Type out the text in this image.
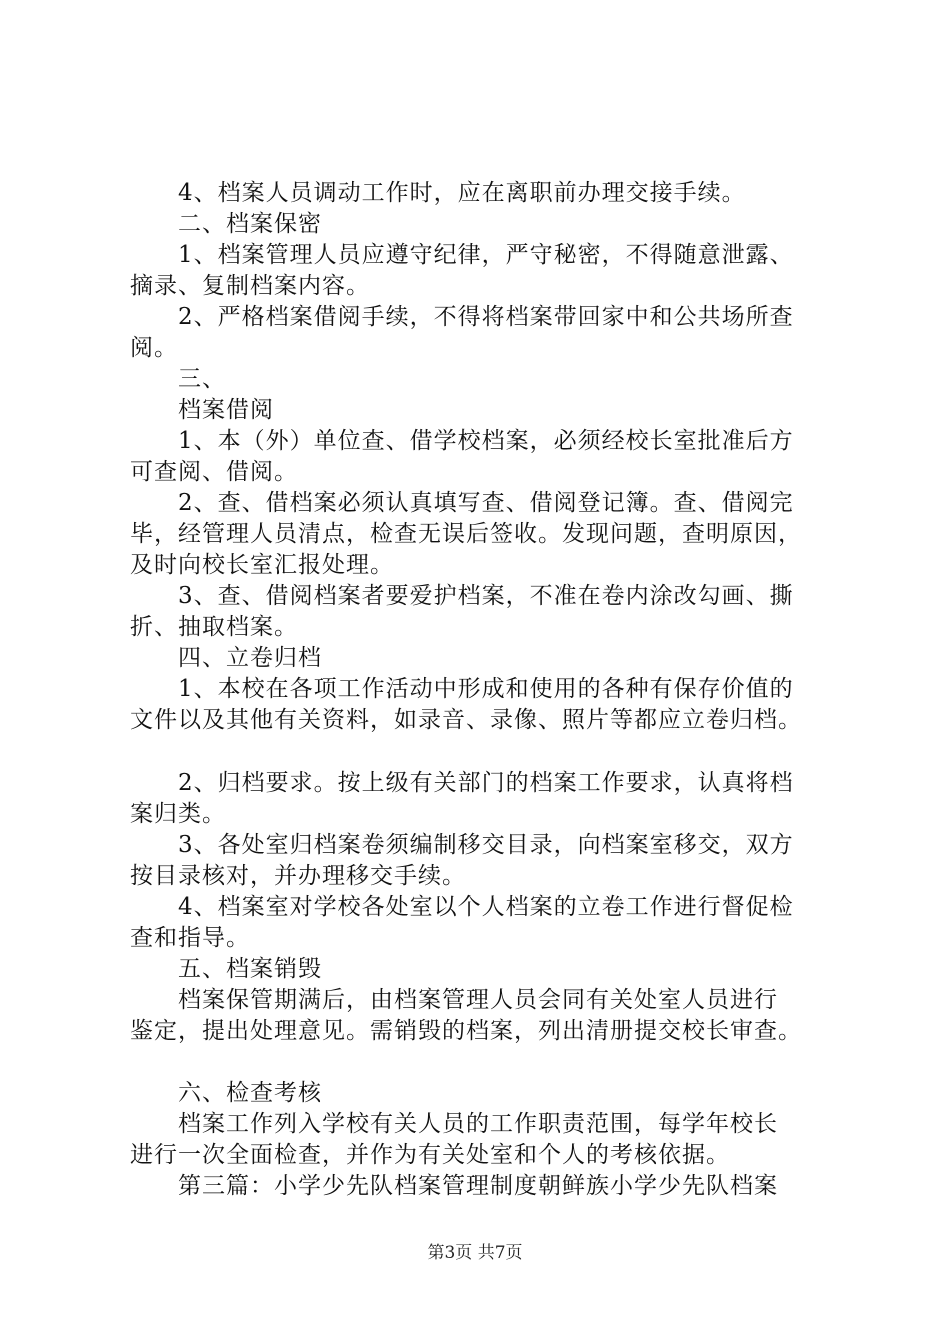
4、档案人员调动工作时，应在离职前办理交接手续。
二、档案保密
1、档案管理人员应遵守纪律，严守秘密，不得随意泄露、
摘录、复制档案内容。
2、严格档案借阅手续，不得将档案带回家中和公共场所查
阅。
三、
档案借阅
1、本（外）单位查、借学校档案，必须经校长室批准后方
可查阅、借阅。
2、查、借档案必须认真填写查、借阅登记簿。查、借阅完
毕，经管理人员清点，检查无误后签收。发现问题，查明原因，
及时向校长室汇报处理。
3、查、借阅档案者要爱护档案，不准在卷内涂改勾画、撕
折、抽取档案。
四、立卷归档
1、本校在各项工作活动中形成和使用的各种有保存价值的
文件以及其他有关资料，如录音、录像、照片等都应立卷归档。
2、归档要求。按上级有关部门的档案工作要求，认真将档
案归类。
3、各处室归档案卷须编制移交目录，向档案室移交，双方
按目录核对，并办理移交手续。
4、档案室对学校各处室以个人档案的立卷工作进行督促检
查和指导。
五、档案销毁
档案保管期满后，由档案管理人员会同有关处室人员进行
鉴定，提出处理意见。需销毁的档案，列出清册提交校长审查。
六、检查考核
档案工作列入学校有关人员的工作职责范围，每学年校长
进行一次全面检查，并作为有关处室和个人的考核依据。
第三篇：小学少先队档案管理制度朝鲜族小学少先队档案
第3页 共7页
